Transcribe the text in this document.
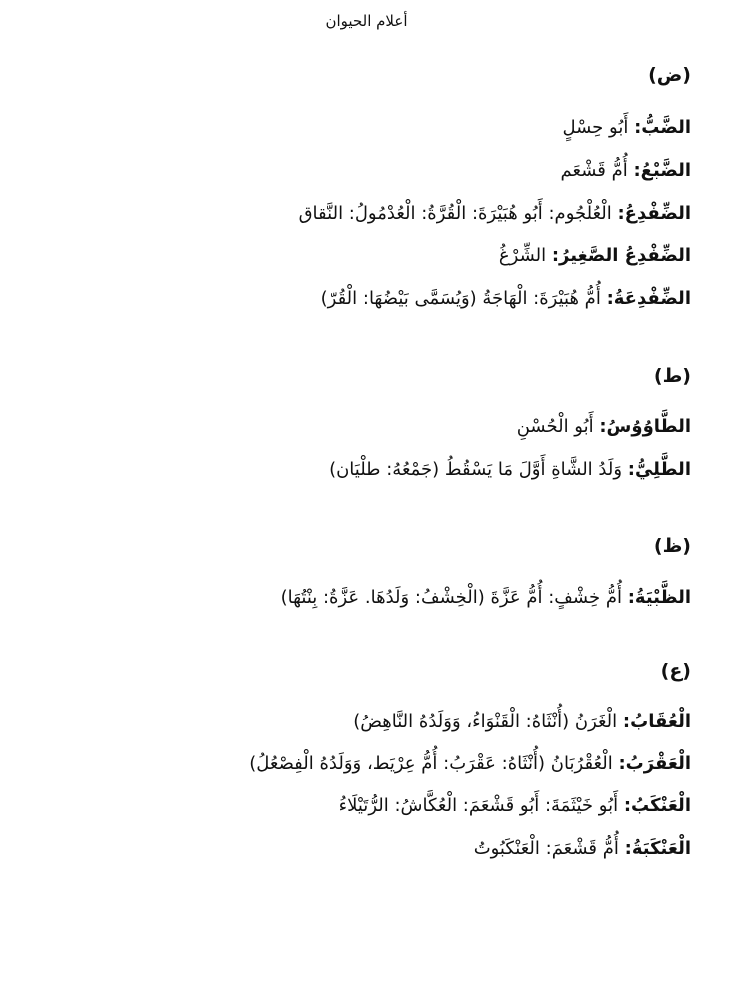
أعلام الحيوان
(ض)
الضَّبُّ: أَبُو حِسْلٍ
الضَّبْعُ: أُمُّ قَشْعَم
الضِّفْدِعُ: الْعُلْجُوم: أَبُو هُبَيْرَةَ: الْقُرَّةُ: الْعُدْمُولُ: النَّقاق
الضِّفْدِعُ الصَّغِيرُ: الشِّرْغُ
الضِّفْدِعَةُ: أُمُّ هُبَيْرَةَ: الْهَاجَةُ (وَيُسَمَّى بَيْضُهَا: الْقُرّ)
(ط)
الطَّاوُوُسُ: أَبُو الْحُسْنِ
الطَّلِيُّ: وَلَدُ الشَّاةِ أَوَّلَ مَا يَسْقُطُ (جَمْعُهُ: طلْيَان)
(ظ)
الظَّبْيَةُ: أُمُّ خِشْفٍ: أُمُّ عَزَّةَ (الْخِشْفُ: وَلَدُهَا. عَزَّةُ: بِنْتُهَا)
(ع)
الْعُقَابُ: الْغَرَنُ (أُنْثَاهُ: الْقَنْوَاءُ، وَوَلَدُهُ النَّاهِضُ)
الْعَقْرَبُ: الْعُقْرُبَانُ (أُنْثَاهُ: عَقْرَبُ: أُمُّ عِرْيَط، وَوَلَدُهُ الْفِصْعُلُ)
الْعَنْكَبُ: أَبُو خَيْثَمَةَ: أَبُو قَشْعَمَ: الْعُكَّاشُ: الرُّتَيْلَاءُ
الْعَنْكَبَةُ: أُمُّ قَشْعَمَ: الْعَنْكَبُوتُ
